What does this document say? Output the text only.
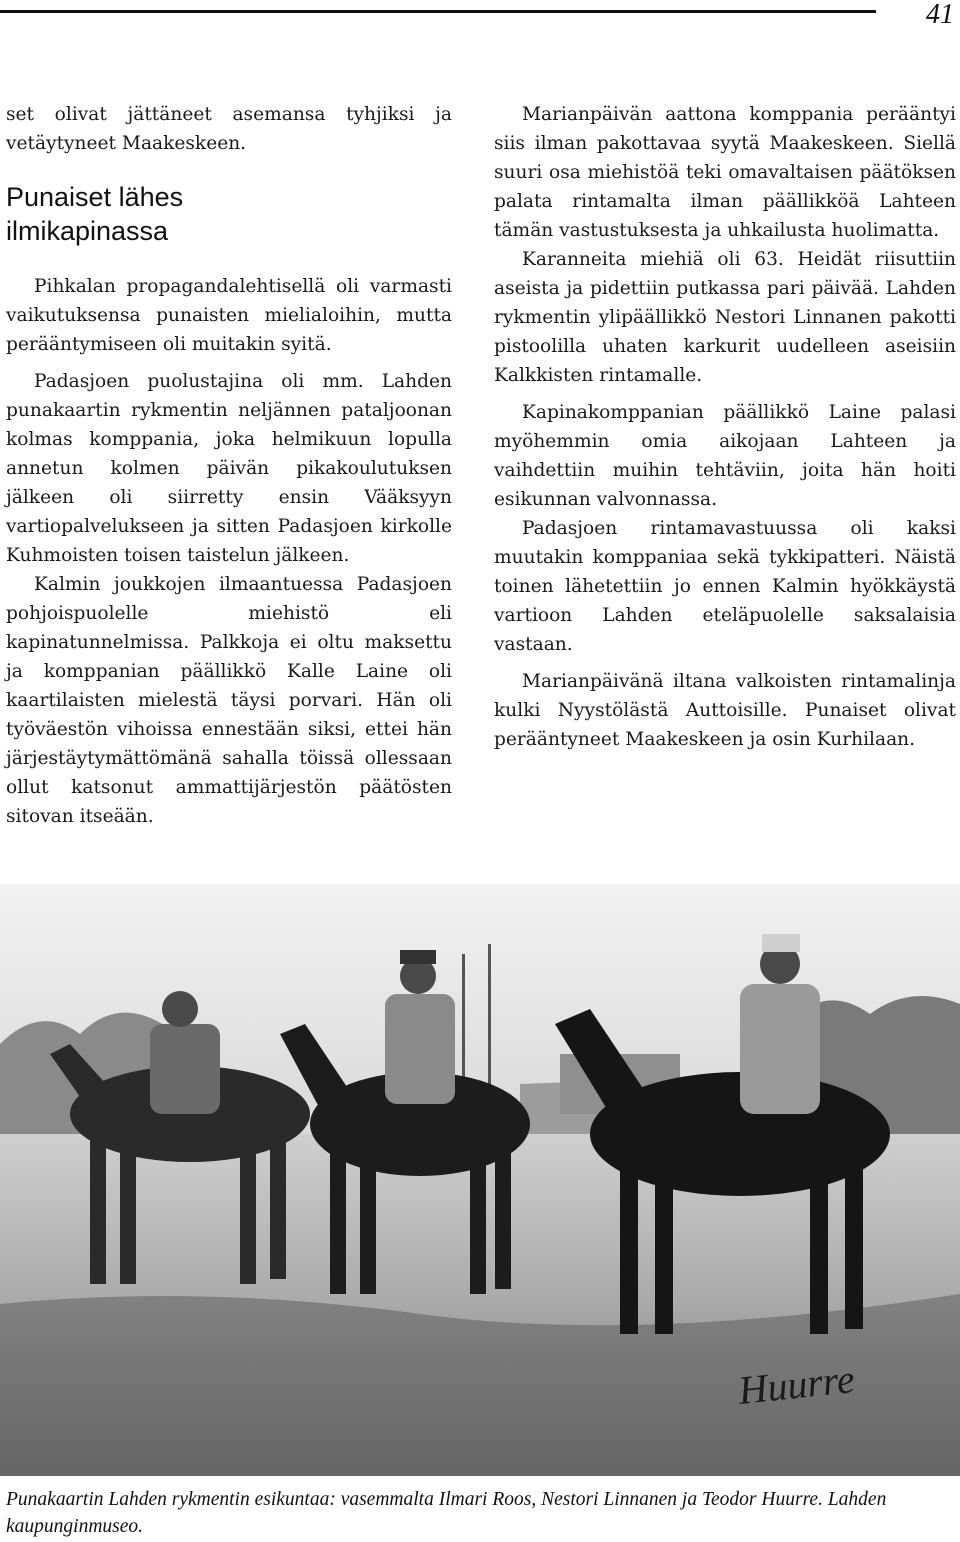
41

set olivat jättäneet asemansa tyhjiksi ja vetäytyneet Maakeskeen.

Punaiset lähes
ilmikapinassa

Pihkalan propagandalehtisellä oli varmasti vaikutuksensa punaisten mielialoihin, mutta perääntymiseen oli muitakin syitä.

Padasjoen puolustajina oli mm. Lahden punakaartin rykmentin neljännen pataljoonan kolmas komppania, joka helmikuun lopulla annetun kolmen päivän pikakoulutuksen jälkeen oli siirretty ensin Vääksyyn vartiopalvelukseen ja sitten Padasjoen kirkolle Kuhmoisten toisen taistelun jälkeen.

Kalmin joukkojen ilmaantuessa Padasjoen pohjoispuolelle miehistö eli kapinatunnelmissa. Palkkoja ei oltu maksettu ja komppanian päällikkö Kalle Laine oli kaartilaisten mielestä täysi porvari. Hän oli työväestön vihoissa ennestään siksi, ettei hän järjestäytymättömänä sahalla töissä ollessaan ollut katsonut ammattijärjestön päätösten sitovan itseään.

Marianpäivän aattona komppania perääntyi siis ilman pakottavaa syytä Maakeskeen. Siellä suuri osa miehistöä teki omavaltaisen päätöksen palata rintamalta ilman päällikköä Lahteen tämän vastustuksesta ja uhkailusta huolimatta.

Karanneita miehiä oli 63. Heidät riisuttiin aseista ja pidettiin putkassa pari päivää. Lahden rykmentin ylipäällikkö Nestori Linnanen pakotti pistoolilla uhaten karkurit uudelleen aseisiin Kalkkisten rintamalle.

Kapinakomppanian päällikkö Laine palasi myöhemmin omia aikojaan Lahteen ja vaihdettiin muihin tehtäviin, joita hän hoiti esikunnan valvonnassa.

Padasjoen rintamavastuussa oli kaksi muutakin komppaniaa sekä tykkipatteri. Näistä toinen lähetettiin jo ennen Kalmin hyökkäystä vartioon Lahden eteläpuolelle saksalaisia vastaan.

Marianpäivänä iltana valkoisten rintamalinja kulki Nyystölästä Auttoisille. Punaiset olivat perääntyneet Maakeskeen ja osin Kurhilaan.

Huurre
Punakaartin Lahden rykmentin esikuntaa: vasemmalta Ilmari Roos, Nestori Linnanen ja Teodor Huurre. Lahden kaupunginmuseo.
